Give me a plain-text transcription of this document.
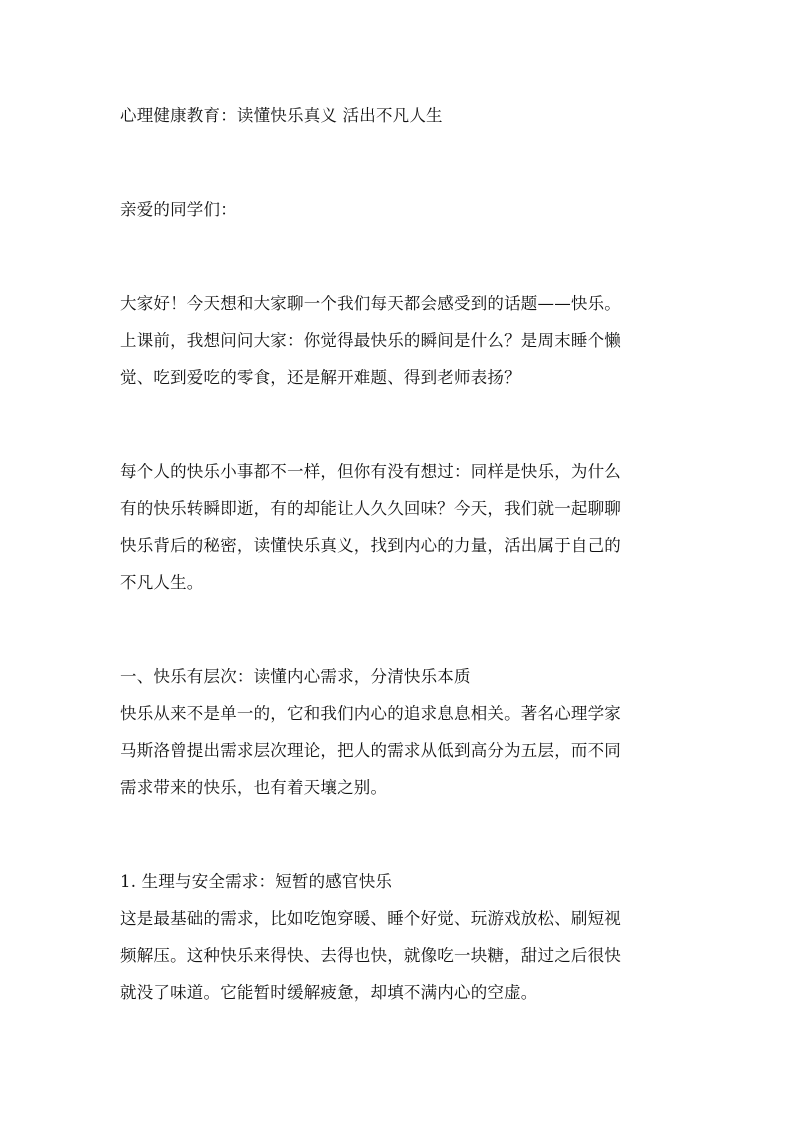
心理健康教育：读懂快乐真义 活出不凡人生

亲爱的同学们：

大家好！今天想和大家聊一个我们每天都会感受到的话题——快乐。
上课前，我想问问大家：你觉得最快乐的瞬间是什么？是周末睡个懒
觉、吃到爱吃的零食，还是解开难题、得到老师表扬？

每个人的快乐小事都不一样，但你有没有想过：同样是快乐，为什么
有的快乐转瞬即逝，有的却能让人久久回味？今天，我们就一起聊聊
快乐背后的秘密，读懂快乐真义，找到内心的力量，活出属于自己的
不凡人生。

一、快乐有层次：读懂内心需求，分清快乐本质
快乐从来不是单一的，它和我们内心的追求息息相关。著名心理学家
马斯洛曾提出需求层次理论，把人的需求从低到高分为五层，而不同
需求带来的快乐，也有着天壤之别。

1. 生理与安全需求：短暂的感官快乐
这是最基础的需求，比如吃饱穿暖、睡个好觉、玩游戏放松、刷短视
频解压。这种快乐来得快、去得也快，就像吃一块糖，甜过之后很快
就没了味道。它能暂时缓解疲惫，却填不满内心的空虚。
